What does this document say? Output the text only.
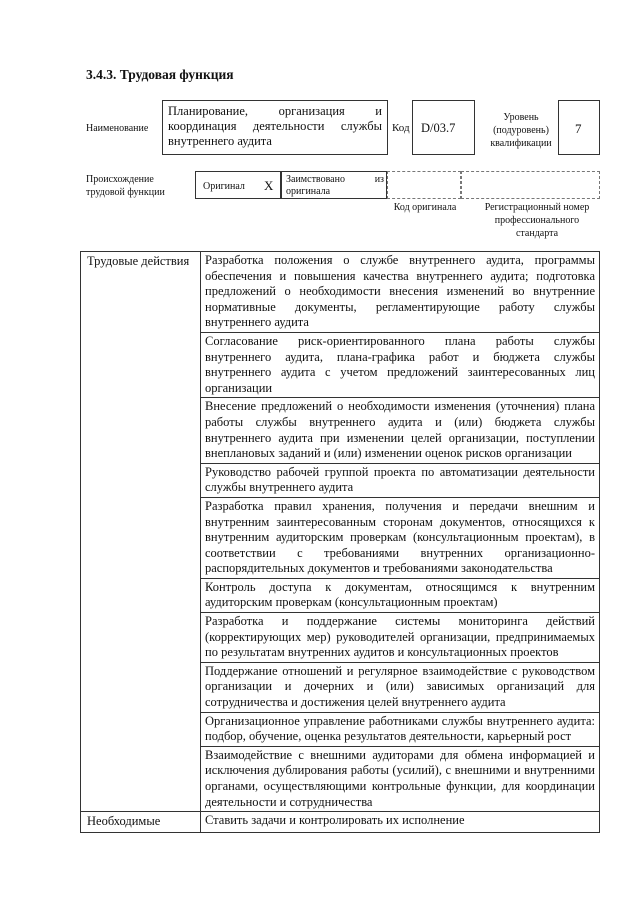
3.4.3. Трудовая функция
Наименование
Планирование, организация и координация деятельности службы внутреннего аудита
Код D/03.7
Уровень (подуровень) квалификации
7
Происхождение трудовой функции
Оригинал X Заимствовано из оригинала
Код оригинала	Регистрационный номер профессионального стандарта
Трудовые действия	Разработка положения о службе внутреннего аудита, программы обеспечения и повышения качества внутреннего аудита; подготовка предложений о необходимости внесения изменений во внутренние нормативные документы, регламентирующие работу службы внутреннего аудита
	Согласование риск-ориентированного плана работы службы внутреннего аудита, плана-графика работ и бюджета службы внутреннего аудита с учетом предложений заинтересованных лиц организации
	Внесение предложений о необходимости изменения (уточнения) плана работы службы внутреннего аудита и (или) бюджета службы внутреннего аудита при изменении целей организации, поступлении внеплановых заданий и (или) изменении оценок рисков организации
	Руководство рабочей группой проекта по автоматизации деятельности службы внутреннего аудита
	Разработка правил хранения, получения и передачи внешним и внутренним заинтересованным сторонам документов, относящихся к внутренним аудиторским проверкам (консультационным проектам), в соответствии с требованиями внутренних организационно-распорядительных документов и требованиями законодательства
	Контроль доступа к документам, относящимся к внутренним аудиторским проверкам (консультационным проектам)
	Разработка и поддержание системы мониторинга действий (корректирующих мер) руководителей организации, предпринимаемых по результатам внутренних аудитов и консультационных проектов
	Поддержание отношений и регулярное взаимодействие с руководством организации и дочерних и (или) зависимых организаций для сотрудничества и достижения целей внутреннего аудита
	Организационное управление работниками службы внутреннего аудита: подбор, обучение, оценка результатов деятельности, карьерный рост
	Взаимодействие с внешними аудиторами для обмена информацией и исключения дублирования работы (усилий), с внешними и внутренними органами, осуществляющими контрольные функции, для координации деятельности и сотрудничества
Необходимые	Ставить задачи и контролировать их исполнение
